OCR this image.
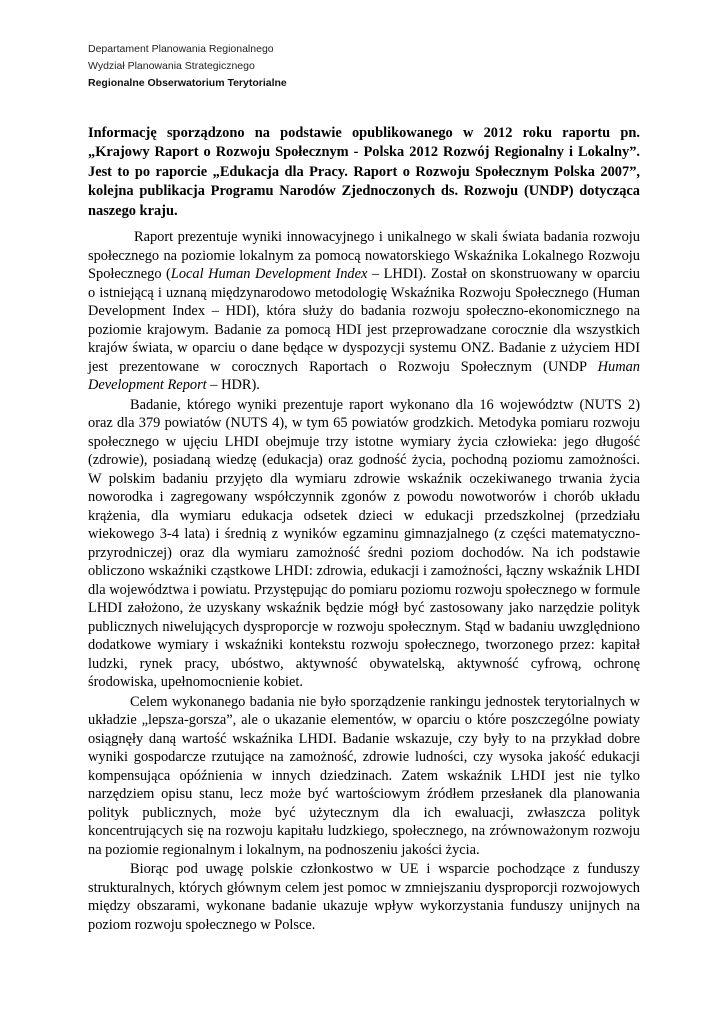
Departament Planowania Regionalnego
Wydział Planowania Strategicznego
Regionalne Obserwatorium Terytorialne
Informację sporządzono na podstawie opublikowanego w 2012 roku raportu pn. „Krajowy Raport o Rozwoju Społecznym - Polska 2012 Rozwój Regionalny i Lokalny”. Jest to po raporcie „Edukacja dla Pracy. Raport o Rozwoju Społecznym Polska 2007”, kolejna publikacja Programu Narodów Zjednoczonych ds. Rozwoju (UNDP) dotycząca naszego kraju.

Raport prezentuje wyniki innowacyjnego i unikalnego w skali świata badania rozwoju społecznego na poziomie lokalnym za pomocą nowatorskiego Wskaźnika Lokalnego Rozwoju Społecznego (Local Human Development Index – LHDI). Został on skonstruowany w oparciu o istniejącą i uznaną międzynarodowo metodologię Wskaźnika Rozwoju Społecznego (Human Development Index – HDI), która służy do badania rozwoju społeczno-ekonomicznego na poziomie krajowym. Badanie za pomocą HDI jest przeprowadzane corocznie dla wszystkich krajów świata, w oparciu o dane będące w dyspozycji systemu ONZ. Badanie z użyciem HDI jest prezentowane w corocznych Raportach o Rozwoju Społecznym (UNDP Human Development Report – HDR).

Badanie, którego wyniki prezentuje raport wykonano dla 16 województw (NUTS 2) oraz dla 379 powiatów (NUTS 4), w tym 65 powiatów grodzkich. Metodyka pomiaru rozwoju społecznego w ujęciu LHDI obejmuje trzy istotne wymiary życia człowieka: jego długość (zdrowie), posiadaną wiedzę (edukacja) oraz godność życia, pochodną poziomu zamożności. W polskim badaniu przyjęto dla wymiaru zdrowie wskaźnik oczekiwanego trwania życia noworodka i zagregowany współczynnik zgonów z powodu nowotworów i chorób układu krążenia, dla wymiaru edukacja odsetek dzieci w edukacji przedszkolnej (przedziału wiekowego 3-4 lata) i średnią z wyników egzaminu gimnazjalnego (z części matematyczno-przyrodniczej) oraz dla wymiaru zamożność średni poziom dochodów. Na ich podstawie obliczono wskaźniki cząstkowe LHDI: zdrowia, edukacji i zamożności, łączny wskaźnik LHDI dla województwa i powiatu. Przystępując do pomiaru poziomu rozwoju społecznego w formule LHDI założono, że uzyskany wskaźnik będzie mógł być zastosowany jako narzędzie polityk publicznych niwelujących dysproporcje w rozwoju społecznym. Stąd w badaniu uwzględniono dodatkowe wymiary i wskaźniki kontekstu rozwoju społecznego, tworzonego przez: kapitał ludzki, rynek pracy, ubóstwo, aktywność obywatelską, aktywność cyfrową, ochronę środowiska, upełnomocnienie kobiet.

Celem wykonanego badania nie było sporządzenie rankingu jednostek terytorialnych w układzie „lepsza-gorsza”, ale o ukazanie elementów, w oparciu o które poszczególne powiaty osiągnęły daną wartość wskaźnika LHDI. Badanie wskazuje, czy były to na przykład dobre wyniki gospodarcze rzutujące na zamożność, zdrowie ludności, czy wysoka jakość edukacji kompensująca opóźnienia w innych dziedzinach. Zatem wskaźnik LHDI jest nie tylko narzędziem opisu stanu, lecz może być wartościowym źródłem przesłanek dla planowania polityk publicznych, może być użytecznym dla ich ewaluacji, zwłaszcza polityk koncentrujących się na rozwoju kapitału ludzkiego, społecznego, na zrównoważonym rozwoju na poziomie regionalnym i lokalnym, na podnoszeniu jakości życia.

Biorąc pod uwagę polskie członkostwo w UE i wsparcie pochodzące z funduszy strukturalnych, których głównym celem jest pomoc w zmniejszaniu dysproporcji rozwojowych między obszarami, wykonane badanie ukazuje wpływ wykorzystania funduszy unijnych na poziom rozwoju społecznego w Polsce.
